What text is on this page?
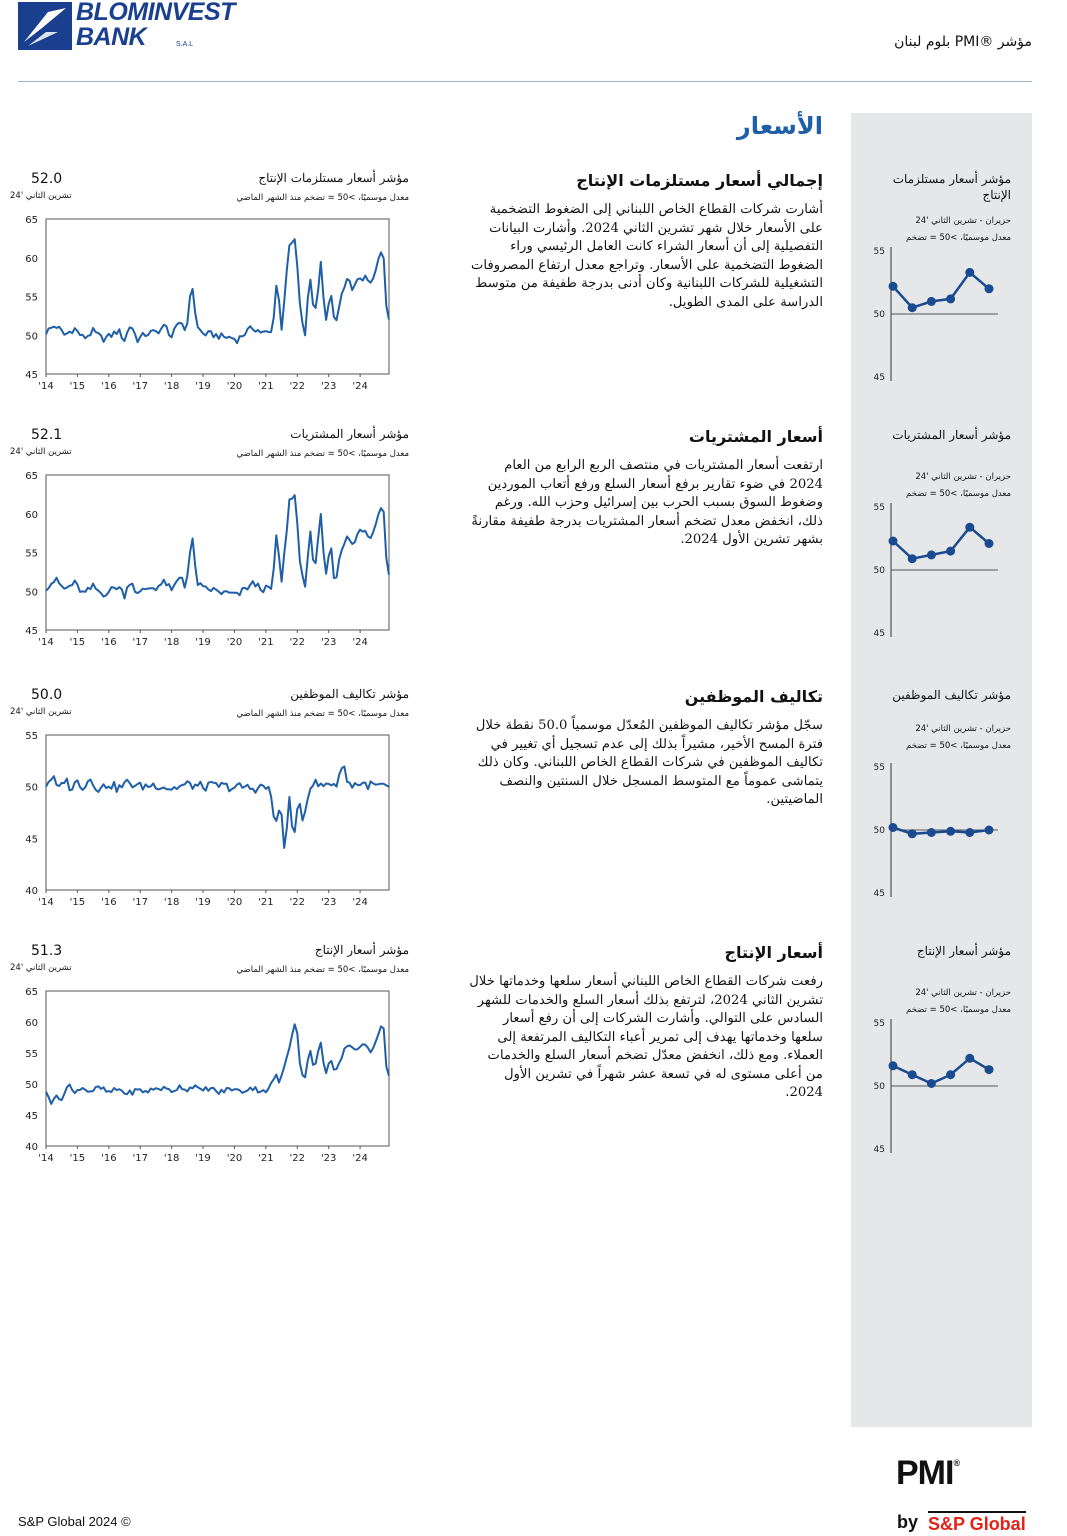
BLOMINVEST
BANK	S.A.L	مؤشر ®PMI بلوم لبنان
الأسعار
إجمالي أسعار مستلزمات الإنتاج
أشارت شركات القطاع الخاص اللبناني إلى الضغوط التضخمية على الأسعار خلال شهر تشرين الثاني 2024. وأشارت البيانات التفصيلية إلى أن أسعار الشراء كانت العامل الرئيسي وراء الضغوط التضخمية على الأسعار. وتراجع معدل ارتفاع المصروفات التشغيلية للشركات اللبنانية وكان أدنى بدرجة طفيفة من متوسط الدراسة على المدى الطويل.
مؤشر أسعار مستلزمات الإنتاج
معدل موسميًا، >50 = تضخم منذ الشهر الماضي
52.0
تشرين الثاني '24
45
50
55
60
65
'14 '15 '16 '17 '18 '19 '20 '21 '22 '23 '24
مؤشر أسعار مستلزمات الإنتاج
حزيران - تشرين الثاني '24
معدل موسميًا، >50 = تضخم
45
50
55
أسعار المشتريات
ارتفعت أسعار المشتريات في منتصف الربع الرابع من العام 2024 في ضوء تقارير برفع أسعار السلع ورفع أتعاب الموردين وضغوط السوق بسبب الحرب بين إسرائيل وحزب الله. ورغم ذلك، انخفض معدل تضخم أسعار المشتريات بدرجة طفيفة مقارنةً بشهر تشرين الأول 2024.
مؤشر أسعار المشتريات
معدل موسميًا، >50 = تضخم منذ الشهر الماضي
52.1
تشرين الثاني '24
45
50
55
60
65
'14 '15 '16 '17 '18 '19 '20 '21 '22 '23 '24
مؤشر أسعار المشتريات
حزيران - تشرين الثاني '24
معدل موسميًا، >50 = تضخم
45
50
55
تكاليف الموظفين
سجّل مؤشر تكاليف الموظفين المُعدّل موسمياً 50.0 نقطة خلال فترة المسح الأخير، مشيراً بذلك إلى عدم تسجيل أي تغيير في تكاليف الموظفين في شركات القطاع الخاص اللبناني. وكان ذلك يتماشى عموماً مع المتوسط المسجل خلال السنتين والنصف الماضيتين.
مؤشر تكاليف الموظفين
معدل موسميًا، >50 = تضخم منذ الشهر الماضي
50.0
تشرين الثاني '24
40
45
50
55
'14 '15 '16 '17 '18 '19 '20 '21 '22 '23 '24
مؤشر تكاليف الموظفين
حزيران - تشرين الثاني '24
معدل موسميًا، >50 = تضخم
45
50
55
أسعار الإنتاج
رفعت شركات القطاع الخاص اللبناني أسعار سلعها وخدماتها خلال تشرين الثاني 2024، لترتفع بذلك أسعار السلع والخدمات للشهر السادس على التوالي. وأشارت الشركات إلى أن رفع أسعار سلعها وخدماتها يهدف إلى تمرير أعباء التكاليف المرتفعة إلى العملاء. ومع ذلك، انخفض معدّل تضخم أسعار السلع والخدمات من أعلى مستوى له في تسعة عشر شهراً في تشرين الأول 2024.
مؤشر أسعار الإنتاج
معدل موسميًا، >50 = تضخم منذ الشهر الماضي
51.3
تشرين الثاني '24
40
45
50
55
60
65
'14 '15 '16 '17 '18 '19 '20 '21 '22 '23 '24
مؤشر أسعار الإنتاج
حزيران - تشرين الثاني '24
معدل موسميًا، >50 = تضخم
45
50
55
S&P Global 2024 ©
PMI®
by S&P Global
